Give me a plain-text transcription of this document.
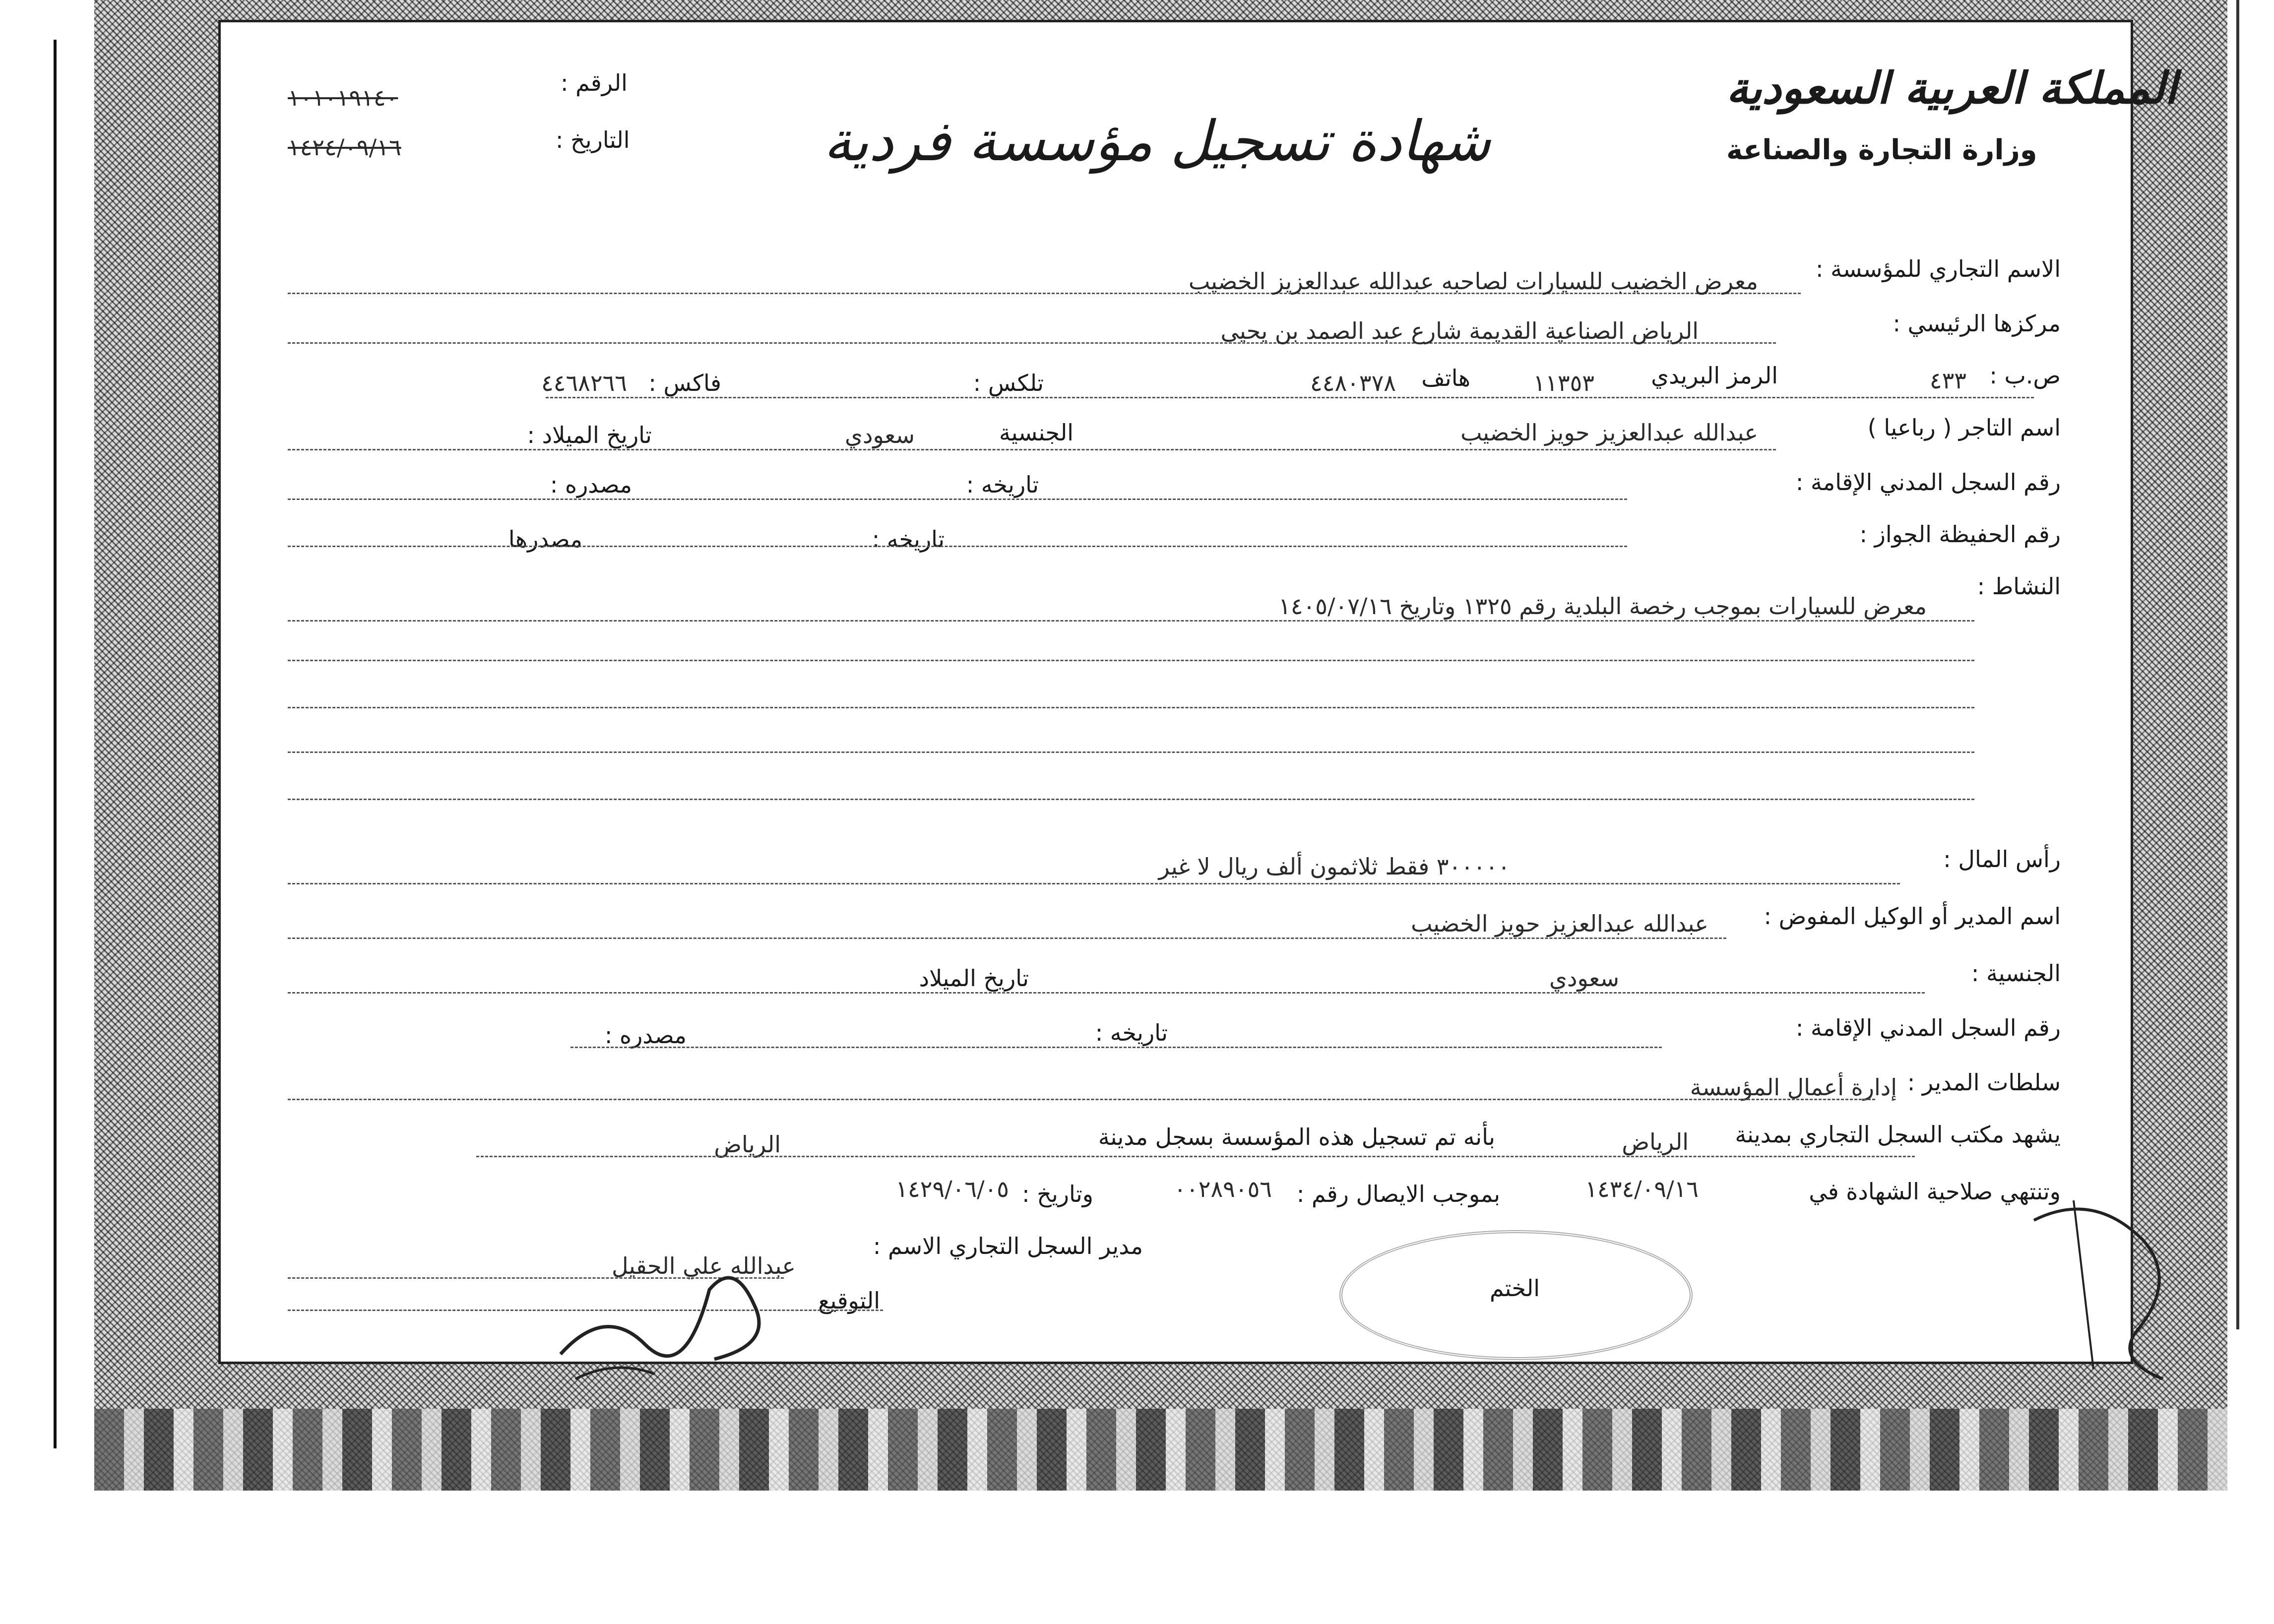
المملكة العربية السعودية
وزارة التجارة والصناعة
شهادة تسجيل مؤسسة فردية
الرقم :
١٠١٠١٩١٤٠
التاريخ :
١٤٢٤/٠٩/١٦
الاسم التجاري للمؤسسة :
معرض الخضيب للسيارات لصاحبه عبدالله عبدالعزيز الخضيب
مركزها الرئيسي :
الرياض الصناعية القديمة شارع عبد الصمد بن يحيى
ص.ب :
٤٣٣
الرمز البريدي
١١٣٥٣
هاتف
٤٤٨٠٣٧٨
تلكس :
فاكس :
٤٤٦٨٢٦٦
اسم التاجر ( رباعيا )
عبدالله عبدالعزيز حويز الخضيب
الجنسية
سعودي
تاريخ الميلاد :
رقم السجل المدني الإقامة :
تاريخه :
مصدره :
رقم الحفيظة الجواز :
تاريخه :
مصدرها
النشاط :
معرض للسيارات بموجب رخصة البلدية رقم ١٣٢٥ وتاريخ ١٤٠٥/٠٧/١٦
رأس المال :
٣٠٠٠٠٠ فقط ثلاثمون ألف ريال لا غير
اسم المدير أو الوكيل المفوض :
عبدالله عبدالعزيز حويز الخضيب
الجنسية :
سعودي
تاريخ الميلاد
رقم السجل المدني الإقامة :
تاريخه :
مصدره :
سلطات المدير :
إدارة أعمال المؤسسة
يشهد مكتب السجل التجاري بمدينة
الرياض
بأنه تم تسجيل هذه المؤسسة بسجل مدينة
الرياض
وتنتهي صلاحية الشهادة في
١٤٣٤/٠٩/١٦
بموجب الايصال رقم :
٠٠٢٨٩٠٥٦
وتاريخ :
١٤٢٩/٠٦/٠٥
مدير السجل التجاري الاسم :
عبدالله علي الحقيل
التوقيع	الختم
